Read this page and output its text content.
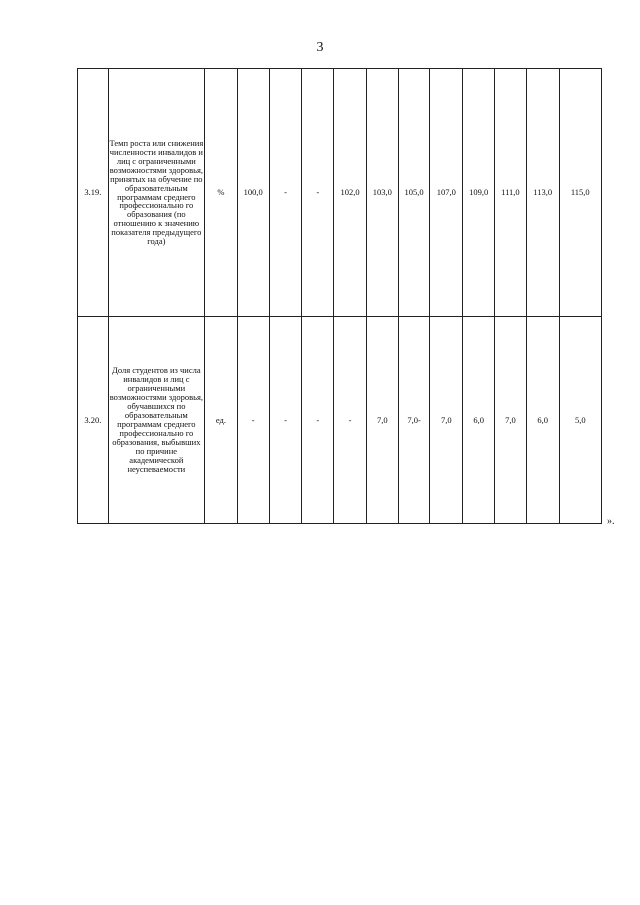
3
3.19.	Темп роста или снижения численности инвалидов и лиц с ограниченными возможностями здоровья, принятых на обучение по образовательным программам среднего профессионально го образования (по отношению к значению показателя предыдущего года)	%	100,0	-	-	102,0	103,0	105,0	107,0	109,0	111,0	113,0	115,0
3.20.	Доля студентов из числа инвалидов и лиц с ограниченными возможностями здоровья, обучавшихся по образовательным программам среднего профессионально го образования, выбывших по причине академической неуспеваемости	ед.	-	-	-	-	7,0	7,0-	7,0	6,0	7,0	6,0	5,0
».
